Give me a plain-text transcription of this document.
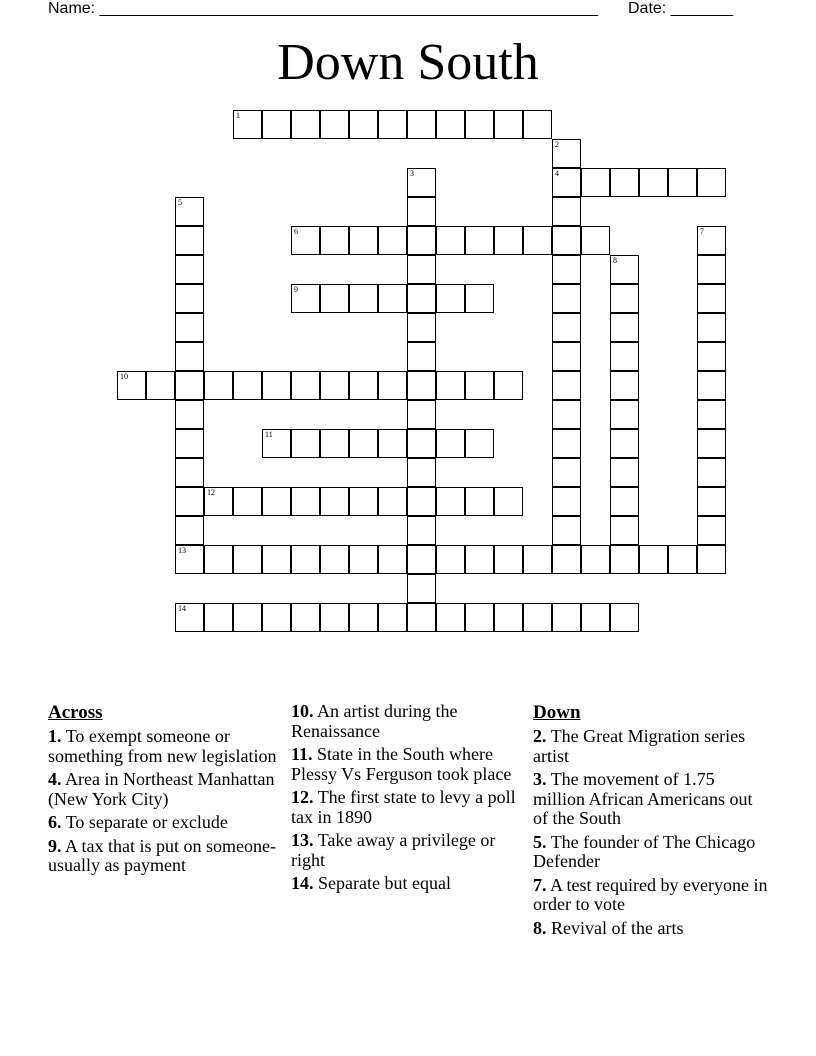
Name: ________________________________________________________ Date: _______
Down South
1
2
4
3
5
6	7
8
9
10
11
12
13
14
Across
1. To exempt someone or something from new legislation
4. Area in Northeast Manhattan (New York City)
6. To separate or exclude
9. A tax that is put on someone-usually as payment
10. An artist during the Renaissance
11. State in the South where Plessy Vs Ferguson took place
12. The first state to levy a poll tax in 1890
13. Take away a privilege or right
14. Separate but equal
Down
2. The Great Migration series artist
3. The movement of 1.75 million African Americans out of the South
5. The founder of The Chicago Defender
7. A test required by everyone in order to vote
8. Revival of the arts
